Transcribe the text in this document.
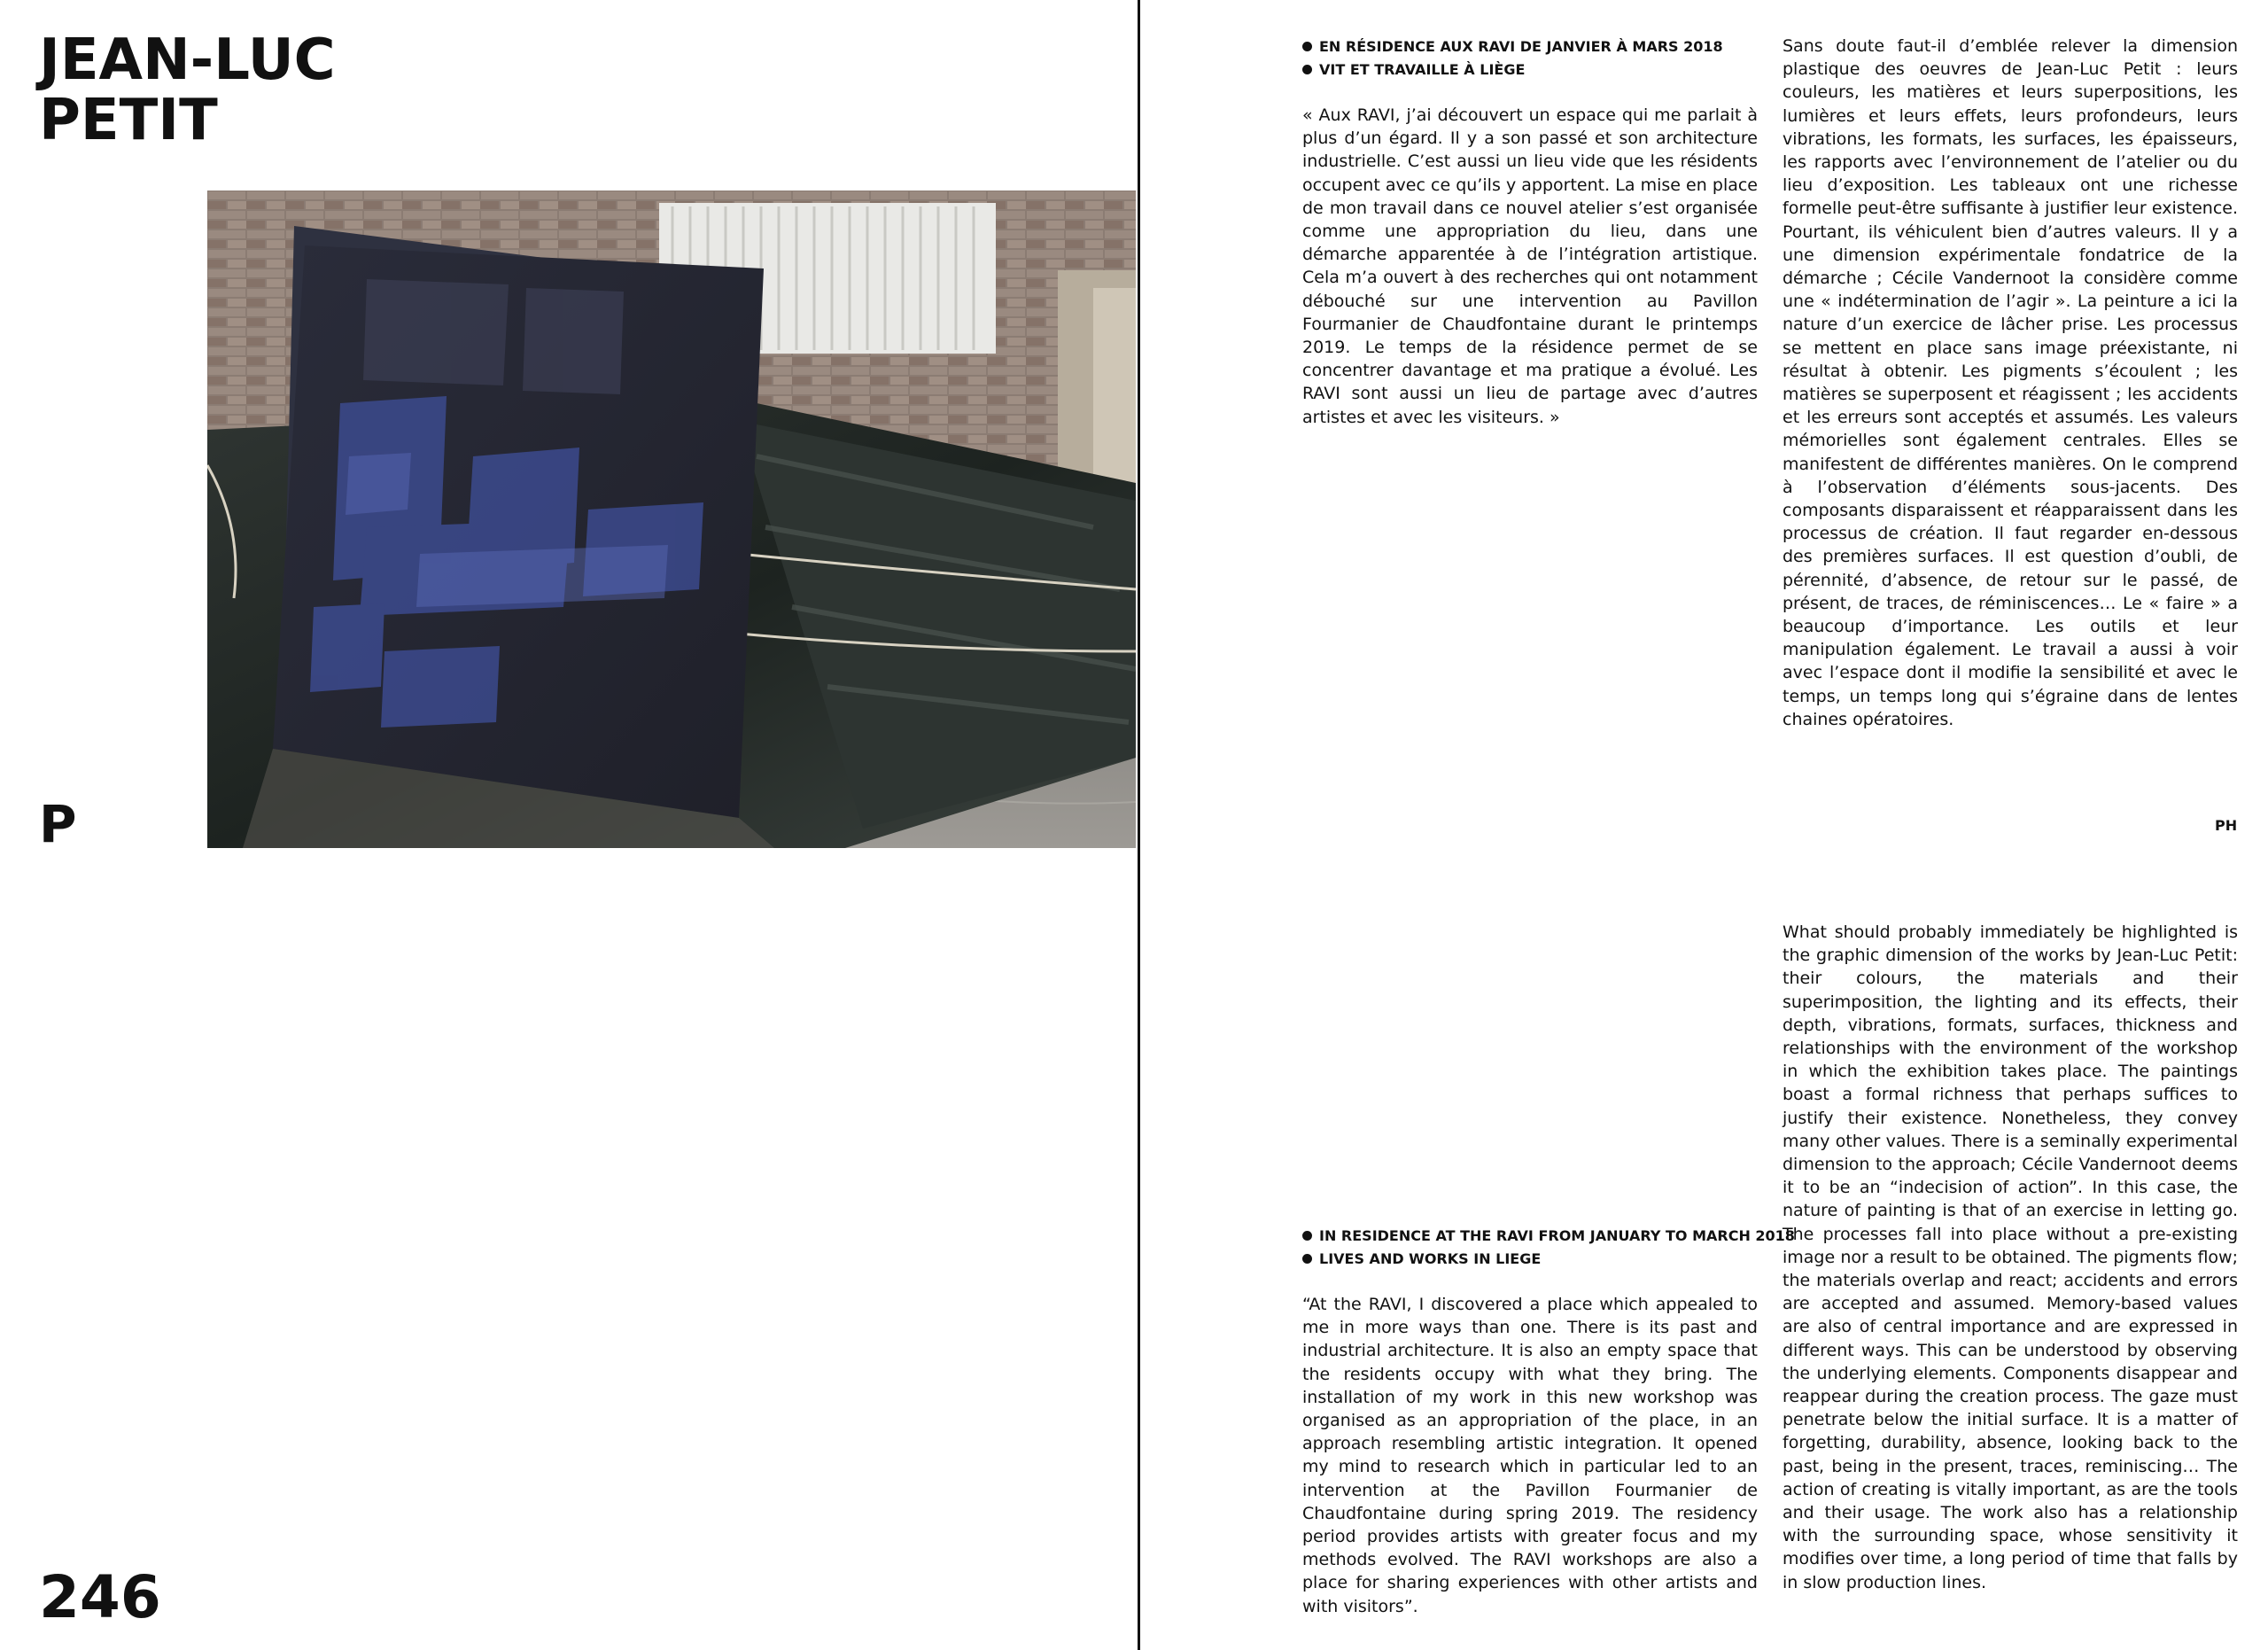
JEAN-LUC
PETIT
P
246
EN RÉSIDENCE AUX RAVI DE JANVIER À MARS 2018
VIT ET TRAVAILLE À LIÈGE
« Aux RAVI, j’ai découvert un espace qui me parlait à plus d’un égard. Il y a son passé et son architecture industrielle. C’est aussi un lieu vide que les résidents occupent avec ce qu’ils y apportent. La mise en place de mon travail dans ce nouvel atelier s’est organisée comme une appropriation du lieu, dans une démarche apparentée à de l’intégration artistique. Cela m’a ouvert à des recherches qui ont notamment débouché sur une intervention au Pavillon Fourmanier de Chaudfontaine durant le printemps 2019. Le temps de la résidence permet de se concentrer davantage et ma pratique a évolué. Les RAVI sont aussi un lieu de partage avec d’autres artistes et avec les visiteurs. »
Sans doute faut-il d’emblée relever la dimension plastique des oeuvres de Jean-Luc Petit : leurs couleurs, les matières et leurs superpositions, les lumières et leurs effets, leurs profondeurs, leurs vibrations, les formats, les surfaces, les épaisseurs, les rapports avec l’environnement de l’atelier ou du lieu d’exposition. Les tableaux ont une richesse formelle peut-être suffisante à justifier leur existence. Pourtant, ils véhiculent bien d’autres valeurs. Il y a une dimension expérimentale fondatrice de la démarche ; Cécile Vandernoot la considère comme une « indétermination de l’agir ». La peinture a ici la nature d’un exercice de lâcher prise. Les processus se mettent en place sans image préexistante, ni résultat à obtenir. Les pigments s’écoulent ; les matières se superposent et réagissent ; les accidents et les erreurs sont acceptés et assumés. Les valeurs mémorielles sont également centrales. Elles se manifestent de différentes manières. On le comprend à l’observation d’éléments sous-jacents. Des composants disparaissent et réapparaissent dans les processus de création. Il faut regarder en-dessous des premières surfaces. Il est question d’oubli, de pérennité, d’absence, de retour sur le passé, de présent, de traces, de réminiscences… Le « faire » a beaucoup d’importance. Les outils et leur manipulation également. Le travail a aussi à voir avec l’espace dont il modifie la sensibilité et avec le temps, un temps long qui s’égraine dans de lentes chaines opératoires.
PH
What should probably immediately be highlighted is the graphic dimension of the works by Jean-Luc Petit: their colours, the materials and their superimposition, the lighting and its effects, their depth, vibrations, formats, surfaces, thickness and relationships with the environment of the workshop in which the exhibition takes place. The paintings boast a formal richness that perhaps suffices to justify their existence. Nonetheless, they convey many other values. There is a seminally experimental dimension to the approach; Cécile Vandernoot deems it to be an “indecision of action”. In this case, the nature of painting is that of an exercise in letting go. The processes fall into place without a pre-existing image nor a result to be obtained. The pigments flow; the materials overlap and react; accidents and errors are accepted and assumed. Memory-based values are also of central importance and are expressed in different ways. This can be understood by observing the underlying elements. Components disappear and reappear during the creation process. The gaze must penetrate below the initial surface. It is a matter of forgetting, durability, absence, looking back to the past, being in the present, traces, reminiscing… The action of creating is vitally important, as are the tools and their usage. The work also has a relationship with the surrounding space, whose sensitivity it modifies over time, a long period of time that falls by in slow production lines.
IN RESIDENCE AT THE RAVI FROM JANUARY TO MARCH 2018
LIVES AND WORKS IN LIEGE
“At the RAVI, I discovered a place which appealed to me in more ways than one. There is its past and industrial architecture. It is also an empty space that the residents occupy with what they bring. The installation of my work in this new workshop was organised as an appropriation of the place, in an approach resembling artistic integration. It opened my mind to research which in particular led to an intervention at the Pavillon Fourmanier de Chaudfontaine during spring 2019. The residency period provides artists with greater focus and my methods evolved. The RAVI workshops are also a place for sharing experiences with other artists and with visitors”.
